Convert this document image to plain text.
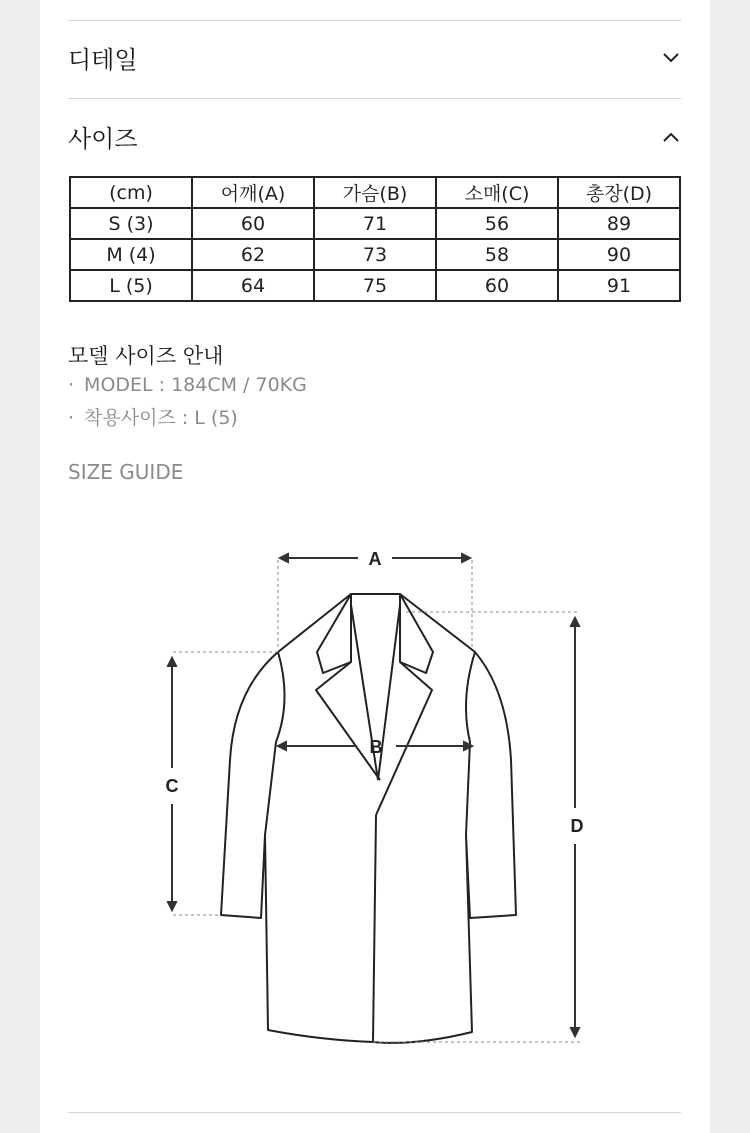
디테일
사이즈
(cm)	어깨(A)	가슴(B)	소매(C)	총장(D)
S (3)	60	71	56	89
M (4)	62	73	58	90
L (5)	64	75	60	91
모델 사이즈 안내
· MODEL : 184CM / 70KG
· 착용사이즈 : L (5)
SIZE GUIDE
A
B
C
D
